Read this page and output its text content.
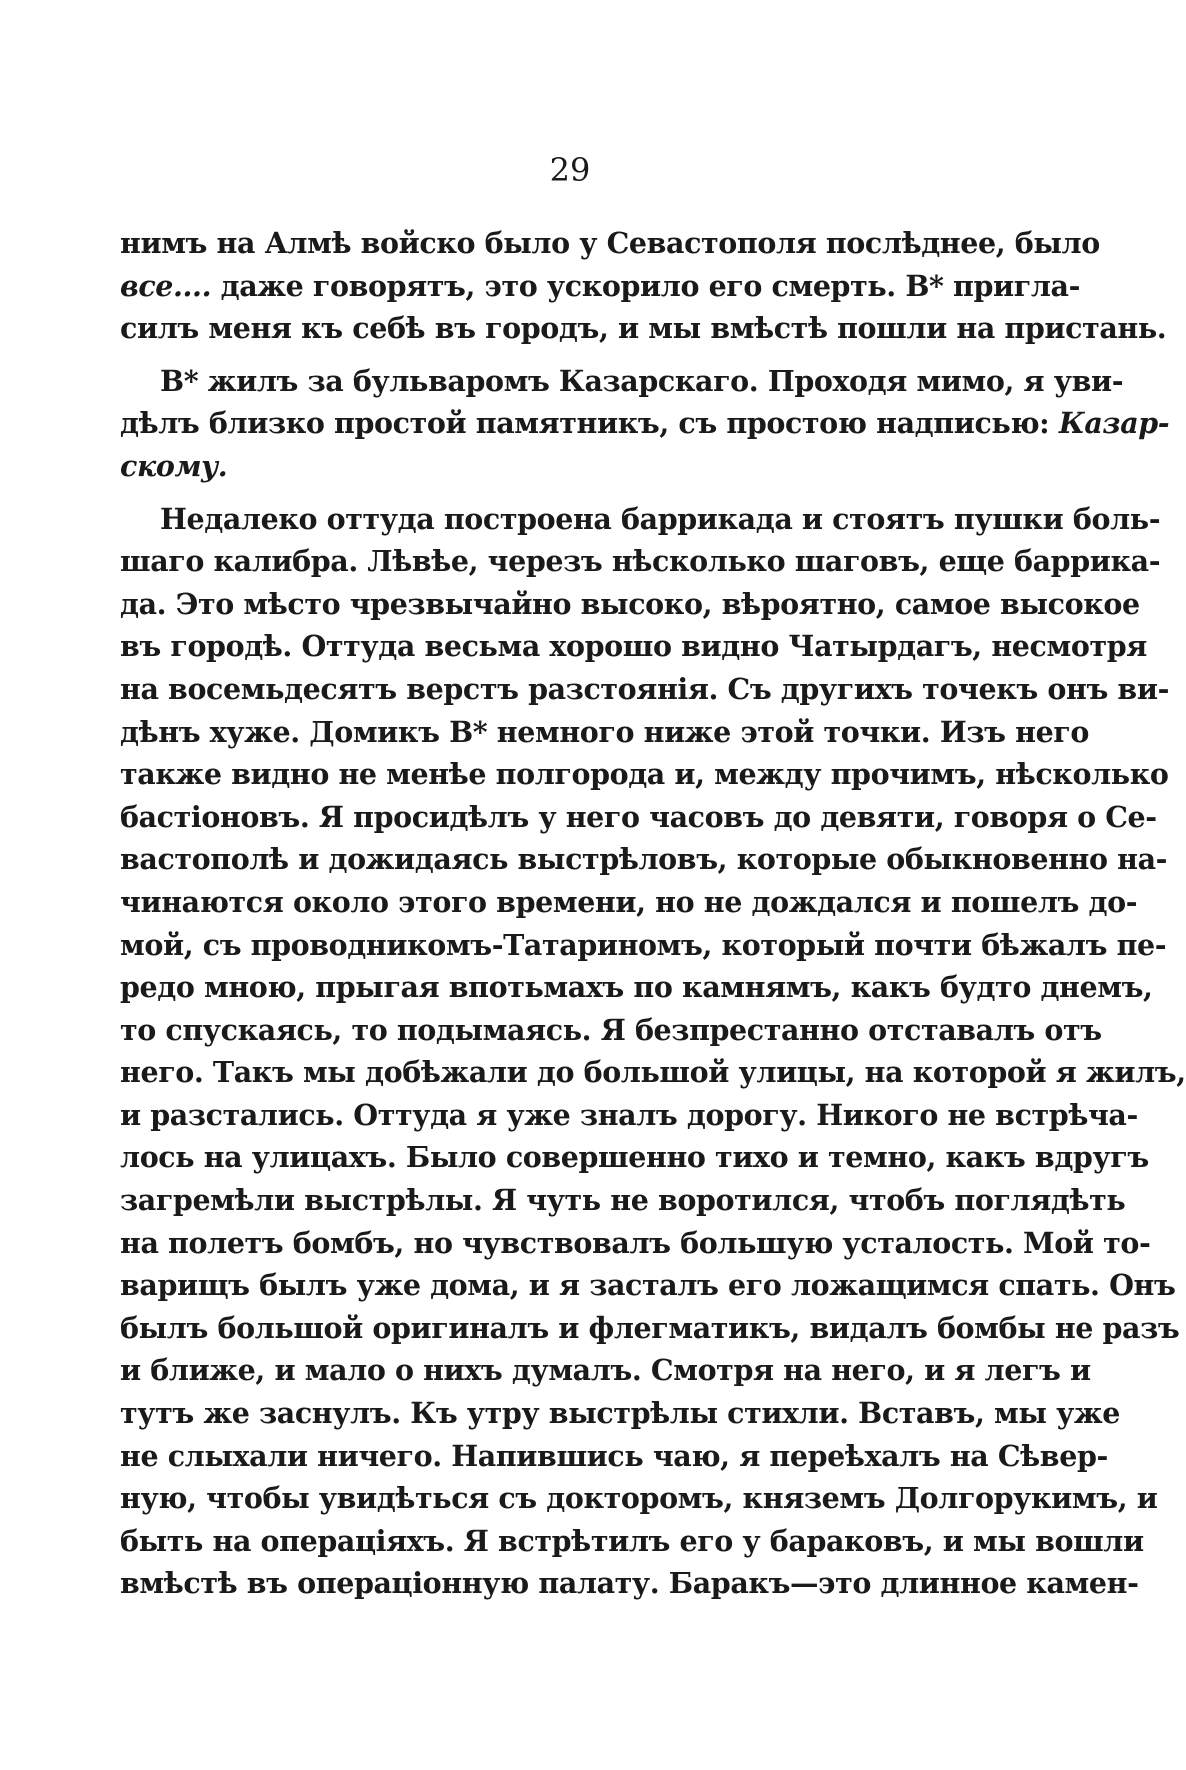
29
нимъ на Алмѣ войско было у Севастополя послѣднее, было
все.... даже говорятъ, это ускорило его смерть. В* пригла-
силъ меня къ себѣ въ городъ, и мы вмѣстѣ пошли на пристань.
В* жилъ за бульваромъ Казарскаго. Проходя мимо, я уви-
дѣлъ близко простой памятникъ, съ простою надписью: Казар-
скому.
Недалеко оттуда построена баррикада и стоятъ пушки боль-
шаго калибра. Лѣвѣе, черезъ нѣсколько шаговъ, еще баррика-
да. Это мѣсто чрезвычайно высоко, вѣроятно, самое высокое
въ городѣ. Оттуда весьма хорошо видно Чатырдагъ, несмотря
на восемьдесятъ верстъ разстоянія. Съ другихъ точекъ онъ ви-
дѣнъ хуже. Домикъ В* немного ниже этой точки. Изъ него
также видно не менѣе полгорода и, между прочимъ, нѣсколько
бастіоновъ. Я просидѣлъ у него часовъ до девяти, говоря о Се-
вастополѣ и дожидаясь выстрѣловъ, которые обыкновенно на-
чинаются около этого времени, но не дождался и пошелъ до-
мой, съ проводникомъ-Татариномъ, который почти бѣжалъ пе-
редо мною, прыгая впотьмахъ по камнямъ, какъ будто днемъ,
то спускаясь, то подымаясь. Я безпрестанно отставалъ отъ
него. Такъ мы добѣжали до большой улицы, на которой я жилъ,
и разстались. Оттуда я уже зналъ дорогу. Никого не встрѣча-
лось на улицахъ. Было совершенно тихо и темно, какъ вдругъ
загремѣли выстрѣлы. Я чуть не воротился, чтобъ поглядѣть
на полетъ бомбъ, но чувствовалъ большую усталость. Мой то-
варищъ былъ уже дома, и я засталъ его ложащимся спать. Онъ
былъ большой оригиналъ и флегматикъ, видалъ бомбы не разъ
и ближе, и мало о нихъ думалъ. Смотря на него, и я легъ и
тутъ же заснулъ. Къ утру выстрѣлы стихли. Вставъ, мы уже
не слыхали ничего. Напившись чаю, я переѣхалъ на Сѣвер-
ную, чтобы увидѣться съ докторомъ, княземъ Долгорукимъ, и
быть на операціяхъ. Я встрѣтилъ его у бараковъ, и мы вошли
вмѣстѣ въ операціонную палату. Баракъ—это длинное камен-
